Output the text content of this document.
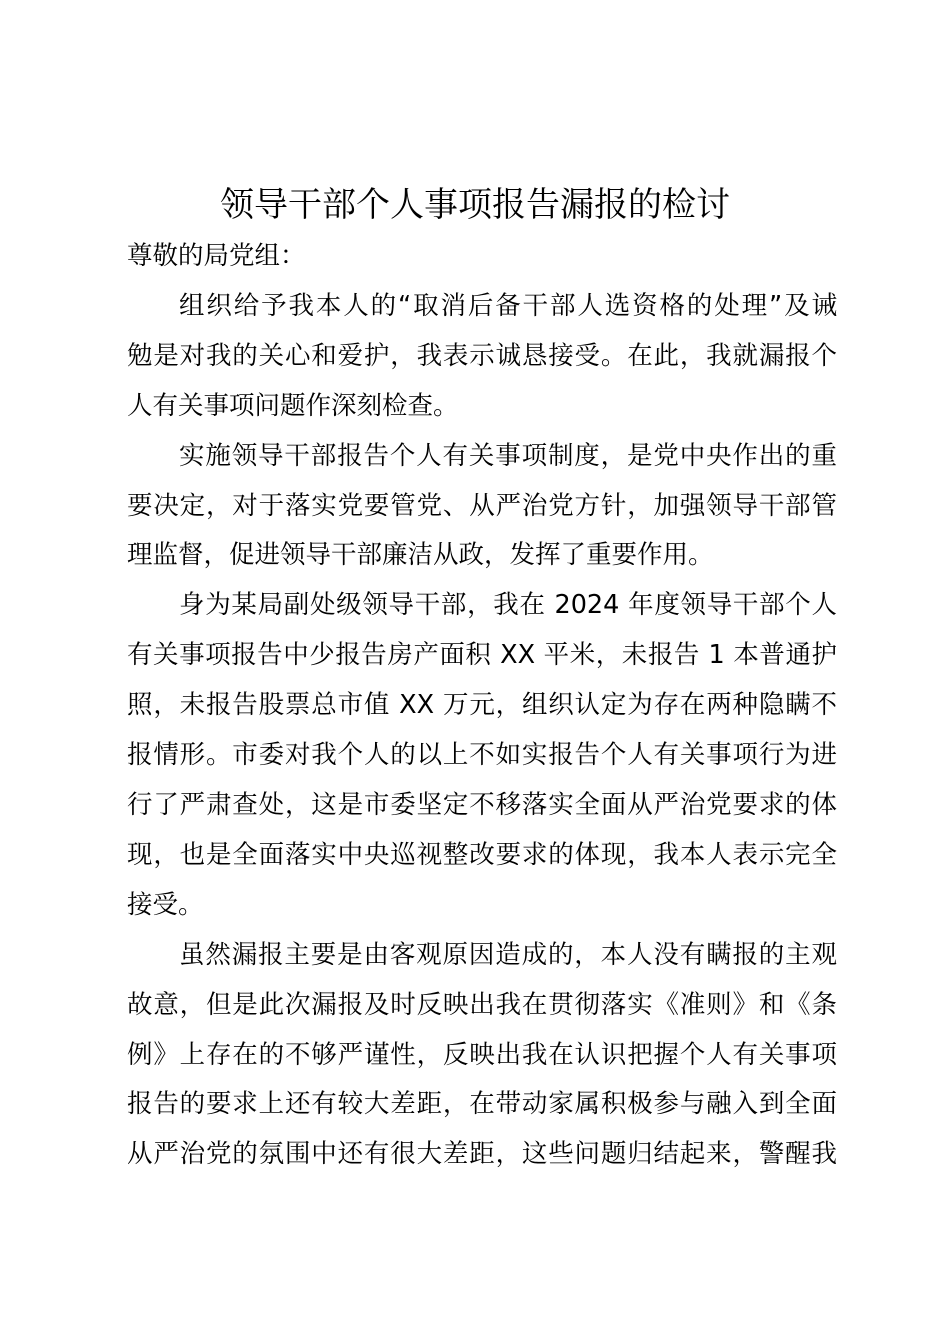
领导干部个人事项报告漏报的检讨
尊敬的局党组：
组织给予我本人的“取消后备干部人选资格的处理”及诫
勉是对我的关心和爱护，我表示诚恳接受。在此，我就漏报个
人有关事项问题作深刻检查。
实施领导干部报告个人有关事项制度，是党中央作出的重
要决定，对于落实党要管党、从严治党方针，加强领导干部管
理监督，促进领导干部廉洁从政，发挥了重要作用。
身为某局副处级领导干部，我在 2024 年度领导干部个人
有关事项报告中少报告房产面积 XX 平米，未报告 1 本普通护
照，未报告股票总市值 XX 万元，组织认定为存在两种隐瞒不
报情形。市委对我个人的以上不如实报告个人有关事项行为进
行了严肃查处，这是市委坚定不移落实全面从严治党要求的体
现，也是全面落实中央巡视整改要求的体现，我本人表示完全
接受。
虽然漏报主要是由客观原因造成的，本人没有瞒报的主观
故意，但是此次漏报及时反映出我在贯彻落实《准则》和《条
例》上存在的不够严谨性，反映出我在认识把握个人有关事项
报告的要求上还有较大差距，在带动家属积极参与融入到全面
从严治党的氛围中还有很大差距，这些问题归结起来，警醒我
